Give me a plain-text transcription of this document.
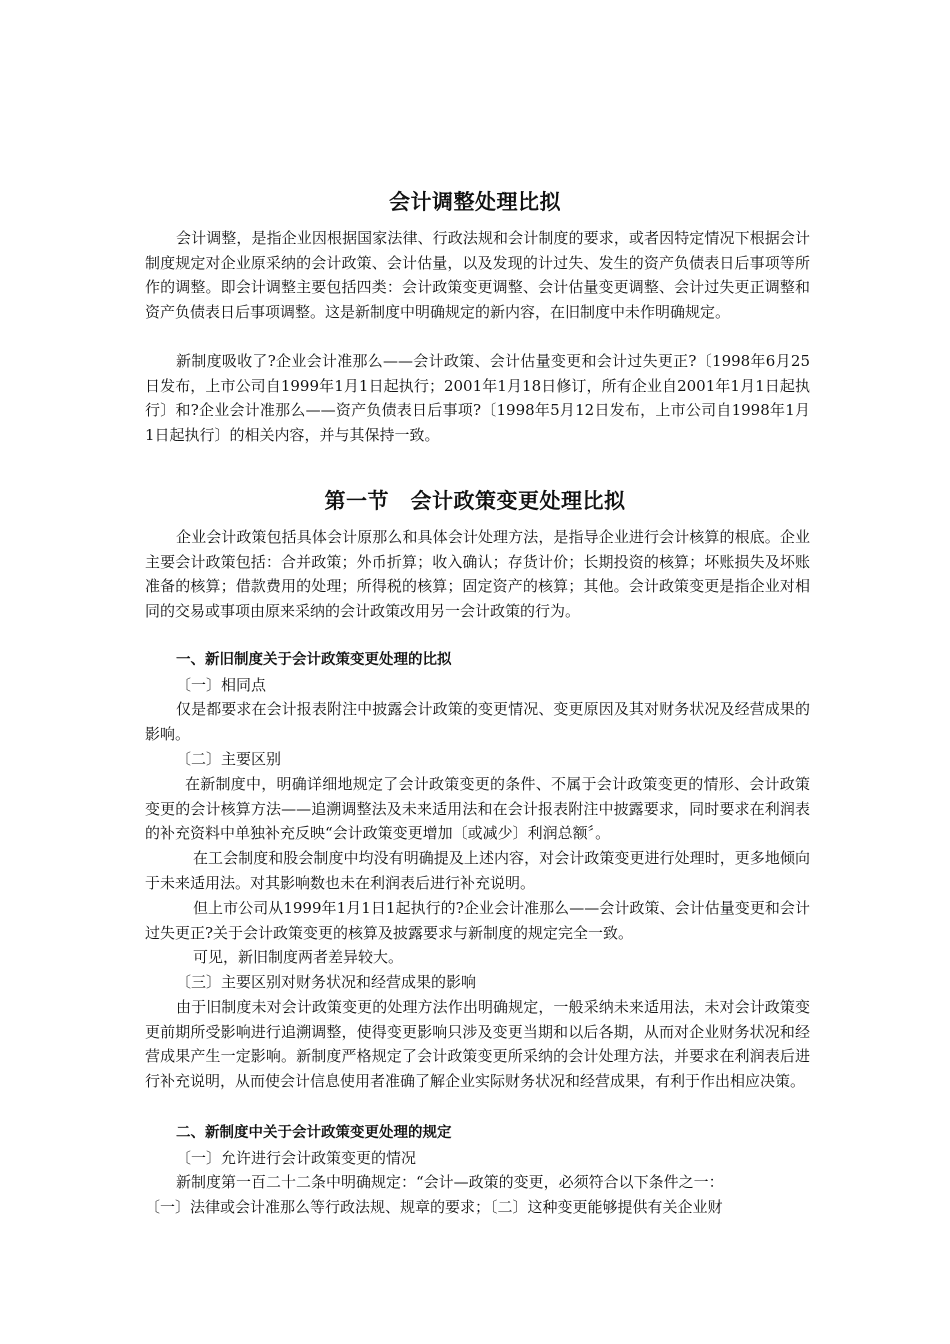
会计调整处理比拟

会计调整，是指企业因根据国家法律、行政法规和会计制度的要求，或者因特定情况下根据会计制度规定对企业原采纳的会计政策、会计估量，以及发现的计过失、发生的资产负债表日后事项等所作的调整。即会计调整主要包括四类：会计政策变更调整、会计估量变更调整、会计过失更正调整和资产负债表日后事项调整。这是新制度中明确规定的新内容，在旧制度中未作明确规定。

新制度吸收了?企业会计准那么——会计政策、会计估量变更和会计过失更正?〔1998年6月25日发布，上市公司自1999年1月1日起执行；2001年1月18日修订，所有企业自2001年1月1日起执行〕和?企业会计准那么——资产负债表日后事项?〔1998年5月12日发布，上市公司自1998年1月1日起执行〕的相关内容，并与其保持一致。

第一节　会计政策变更处理比拟

企业会计政策包括具体会计原那么和具体会计处理方法，是指导企业进行会计核算的根底。企业主要会计政策包括：合并政策；外币折算；收入确认；存货计价；长期投资的核算；坏账损失及坏账准备的核算；借款费用的处理；所得税的核算；固定资产的核算；其他。会计政策变更是指企业对相同的交易或事项由原来采纳的会计政策改用另一会计政策的行为。

一、新旧制度关于会计政策变更处理的比拟

〔一〕相同点

仅是都要求在会计报表附注中披露会计政策的变更情况、变更原因及其对财务状况及经营成果的影响。

〔二〕主要区别

在新制度中，明确详细地规定了会计政策变更的条件、不属于会计政策变更的情形、会计政策变更的会计核算方法——追溯调整法及未来适用法和在会计报表附注中披露要求，同时要求在利润表的补充资料中单独补充反映“会计政策变更增加〔或减少〕利润总额〞。

在工会制度和股会制度中均没有明确提及上述内容，对会计政策变更进行处理时，更多地倾向于未来适用法。对其影响数也未在利润表后进行补充说明。

但上市公司从1999年1月1日1起执行的?企业会计准那么——会计政策、会计估量变更和会计过失更正?关于会计政策变更的核算及披露要求与新制度的规定完全一致。

可见，新旧制度两者差异较大。

〔三〕主要区别对财务状况和经营成果的影响

由于旧制度未对会计政策变更的处理方法作出明确规定，一般采纳未来适用法，未对会计政策变更前期所受影响进行追溯调整，使得变更影响只涉及变更当期和以后各期，从而对企业财务状况和经营成果产生一定影响。新制度严格规定了会计政策变更所采纳的会计处理方法，并要求在利润表后进行补充说明，从而使会计信息使用者准确了解企业实际财务状况和经营成果，有利于作出相应决策。

二、新制度中关于会计政策变更处理的规定

〔一〕允许进行会计政策变更的情况

新制度第一百二十二条中明确规定：“会计—政策的变更，必须符合以下条件之一：

〔一〕法律或会计准那么等行政法规、规章的要求；〔二〕这种变更能够提供有关企业财
